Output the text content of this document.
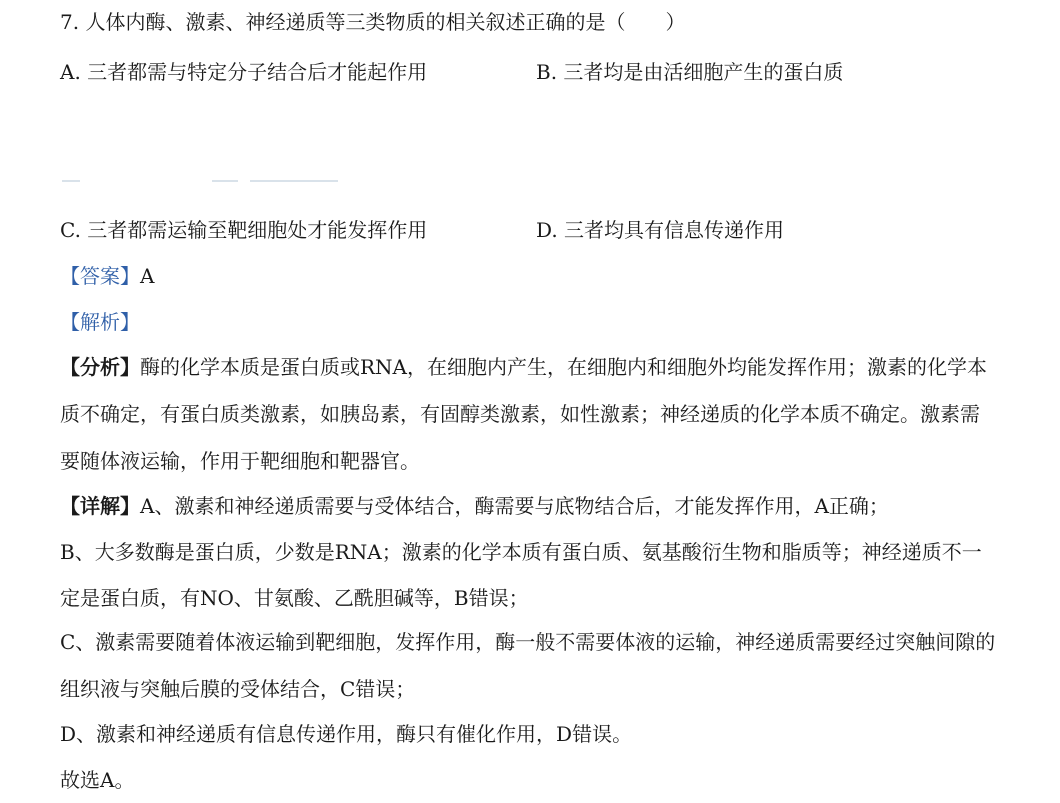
7. 人体内酶、激素、神经递质等三类物质的相关叙述正确的是（　　）
A. 三者都需与特定分子结合后才能起作用	B. 三者均是由活细胞产生的蛋白质
C. 三者都需运输至靶细胞处才能发挥作用	D. 三者均具有信息传递作用
【答案】A
【解析】
【分析】酶的化学本质是蛋白质或RNA，在细胞内产生，在细胞内和细胞外均能发挥作用；激素的化学本
质不确定，有蛋白质类激素，如胰岛素，有固醇类激素，如性激素；神经递质的化学本质不确定。激素需
要随体液运输，作用于靶细胞和靶器官。
【详解】A、激素和神经递质需要与受体结合，酶需要与底物结合后，才能发挥作用，A正确；
B、大多数酶是蛋白质，少数是RNA；激素的化学本质有蛋白质、氨基酸衍生物和脂质等；神经递质不一
定是蛋白质，有NO、甘氨酸、乙酰胆碱等，B错误；
C、激素需要随着体液运输到靶细胞，发挥作用，酶一般不需要体液的运输，神经递质需要经过突触间隙的
组织液与突触后膜的受体结合，C错误；
D、激素和神经递质有信息传递作用，酶只有催化作用，D错误。
故选A。
